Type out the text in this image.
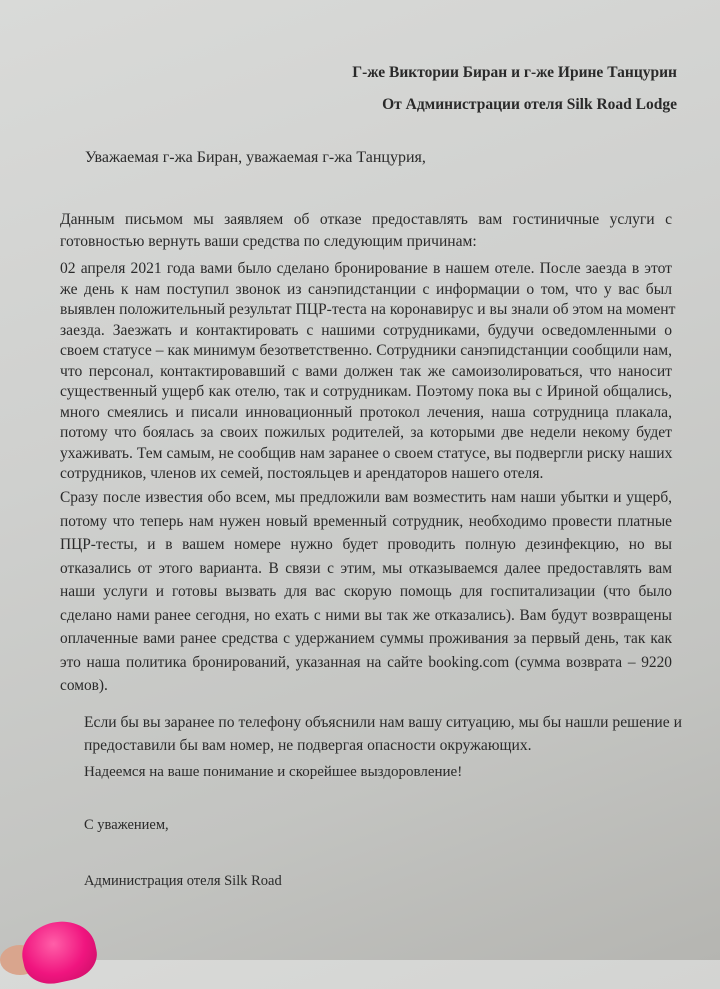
Г-же Виктории Биран и г-же Ирине Танцурин
От Администрации отеля Silk Road Lodge
Уважаемая г-жа Биран, уважаемая г-жа Танцурия,
Данным письмом мы заявляем об отказе предоставлять вам гостиничные услуги с
готовностью вернуть ваши средства по следующим причинам:
02 апреля 2021 года вами было сделано бронирование в нашем отеле. После заезда в этот
же день к нам поступил звонок из санэпидстанции с информации о том, что у вас был
выявлен положительный результат ПЦР-теста на коронавирус и вы знали об этом на момент
заезда. Заезжать и контактировать с нашими сотрудниками, будучи осведомленными о
своем статусе – как минимум безответственно. Сотрудники санэпидстанции сообщили нам,
что персонал, контактировавший с вами должен так же самоизолироваться, что наносит
существенный ущерб как отелю, так и сотрудникам. Поэтому пока вы с Ириной общались,
много смеялись и писали инновационный протокол лечения, наша сотрудница плакала,
потому что боялась за своих пожилых родителей, за которыми две недели некому будет
ухаживать. Тем самым, не сообщив нам заранее о своем статусе, вы подвергли риску наших
сотрудников, членов их семей, постояльцев и арендаторов нашего отеля.
Сразу после известия обо всем, мы предложили вам возместить нам наши убытки и ущерб,
потому что теперь нам нужен новый временный сотрудник, необходимо провести платные
ПЦР-тесты, и в вашем номере нужно будет проводить полную дезинфекцию, но вы
отказались от этого варианта. В связи с этим, мы отказываемся далее предоставлять вам
наши услуги и готовы вызвать для вас скорую помощь для госпитализации (что было
сделано нами ранее сегодня, но ехать с ними вы так же отказались). Вам будут возвращены
оплаченные вами ранее средства с удержанием суммы проживания за первый день, так как
это наша политика бронирований, указанная на сайте booking.com (сумма возврата – 9220
сомов).
Если бы вы заранее по телефону объяснили нам вашу ситуацию, мы бы нашли решение и
предоставили бы вам номер, не подвергая опасности окружающих.
Надеемся на ваше понимание и скорейшее выздоровление!
С уважением,
Администрация отеля Silk Road
